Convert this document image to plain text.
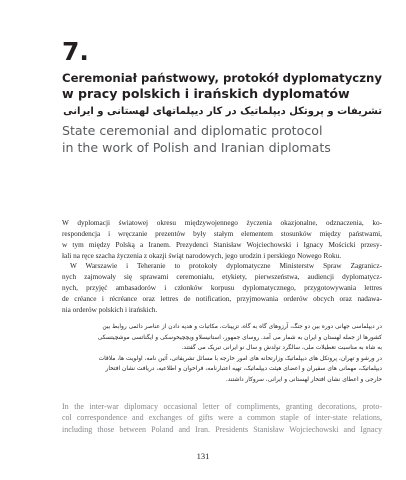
7.
Ceremoniał państwowy, protokół dyplomatyczny
w pracy polskich i irańskich dyplomatów
تشریفات و پروتکل دیپلماتیک در کار دیپلماتهای لهستانی و ایرانی
State ceremonial and diplomatic protocol
in the work of Polish and Iranian diplomats
W dyplomacji światowej okresu międzywojennego życzenia okazjonalne, odznaczenia, ko-
respondencja i wręczanie prezentów były stałym elementem stosunków między państwami,
w tym między Polską a Iranem. Prezydenci Stanisław Wojciechowski i Ignacy Mościcki przesy-
łali na ręce szacha życzenia z okazji świąt narodowych, jego urodzin i perskiego Nowego Roku.
W Warszawie i Teheranie to protokoły dyplomatyczne Ministerstw Spraw Zagranicz-
nych zajmowały się sprawami ceremoniału, etykiety, pierwszeństwa, audiencji dyplomatycz-
nych, przyjęć ambasadorów i członków korpusu dyplomatycznego, przygotowywania lettres
de créance i récréance oraz lettres de notification, przyjmowania orderów obcych oraz nadawa-
nia orderów polskich i irańskich.
در دیپلماسی جهانی دوره بین دو جنگ، آرزوهای گاه به گاه، تزیینات، مکاتبات و هدیه دادن از عناصر دائمی روابط بین
کشورها از جمله لهستان و ایران به شمار می آمد. روسای جمهور، استانیسلاو ویچچیخوسکی و ایگناتسی موشچیتسکی
به شاه به مناسبت تعطیلات ملی، سالگرد تولدش و سال نو ایرانی تبریک می گفتند.
در ورشو و تهران، پروتکل های دیپلماتیک وزارتخانه های امور خارجه با مسائل تشریفاتی، آئین نامه، اولویت ها، ملاقات
دیپلماتیک، مهمانی های سفیران و اعضای هیئت دیپلماتیک، تهیه اعتبارنامه، فراخوان و اطلاعیه، دریافت نشان افتخار
خارجی و اعطای نشان افتخار لهستانی و ایرانی، سروکار داشتند.
In the inter-war diplomacy occasional letter of compliments, granting decorations, proto-
col correspondence and exchanges of gifts were a common staple of inter-state relations,
including those between Poland and Iran. Presidents Stanisław Wojciechowski and Ignacy
131
